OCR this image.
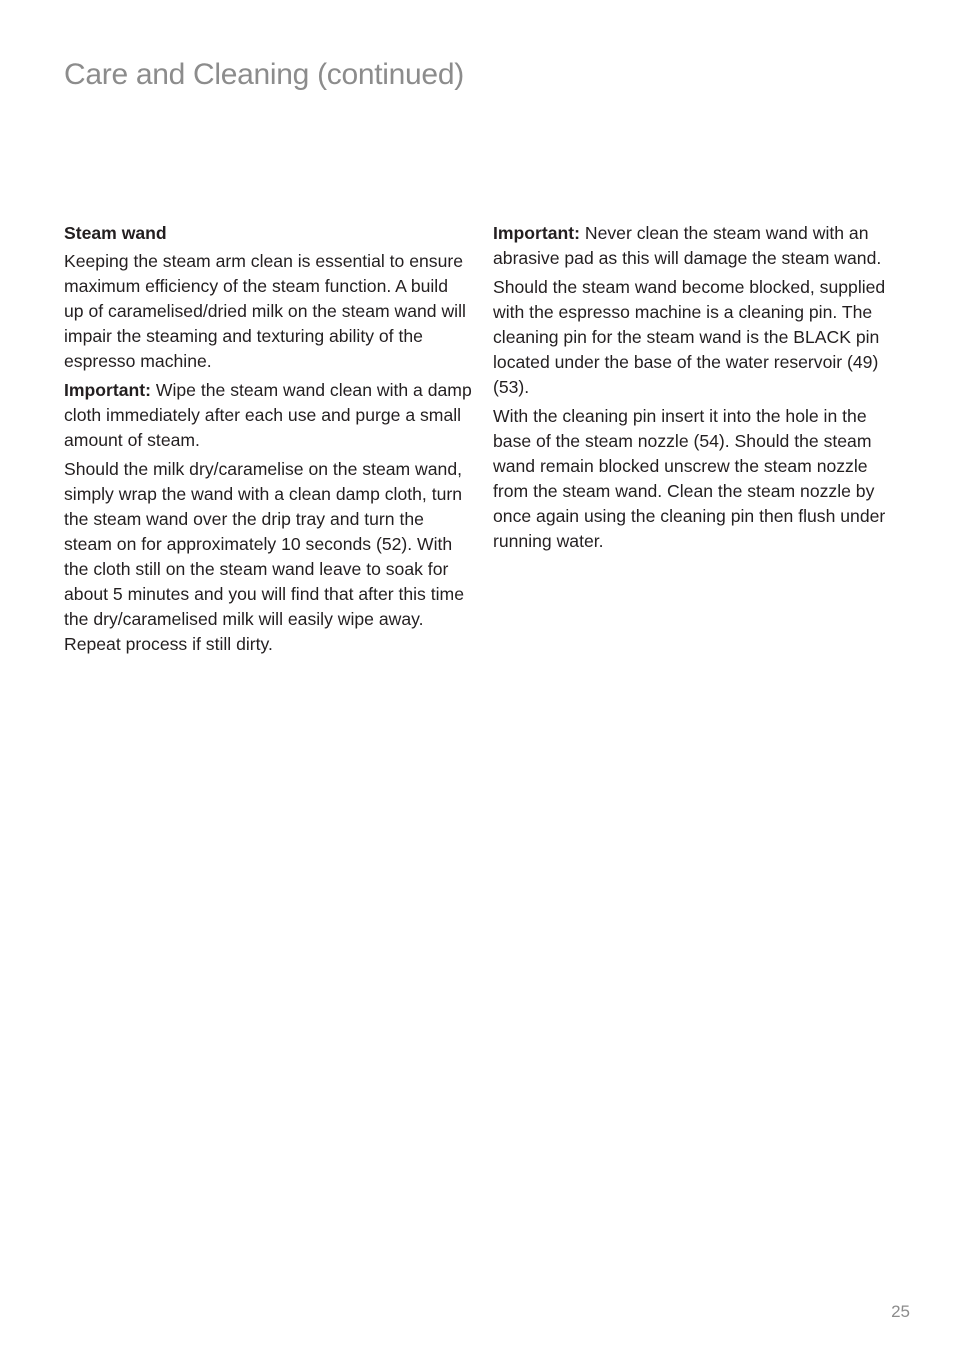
Care and Cleaning (continued)

Steam wand

Keeping the steam arm clean is essential to ensure maximum efficiency of the steam function. A build up of caramelised/dried milk on the steam wand will impair the steaming and texturing ability of the espresso machine.

Important: Wipe the steam wand clean with a damp cloth immediately after each use and purge a small amount of steam.

Should the milk dry/caramelise on the steam wand, simply wrap the wand with a clean damp cloth, turn the steam wand over the drip tray and turn the steam on for approximately 10 seconds (52). With the cloth still on the steam wand leave to soak for about 5 minutes and you will find that after this time the dry/caramelised milk will easily wipe away. Repeat process if still dirty.

Important: Never clean the steam wand with an abrasive pad as this will damage the steam wand.

Should the steam wand become blocked, supplied with the espresso machine is a cleaning pin. The cleaning pin for the steam wand is the BLACK pin located under the base of the water reservoir (49)(53).

With the cleaning pin insert it into the hole in the base of the steam nozzle (54). Should the steam wand remain blocked unscrew the steam nozzle from the steam wand. Clean the steam nozzle by once again using the cleaning pin then flush under running water.

25
